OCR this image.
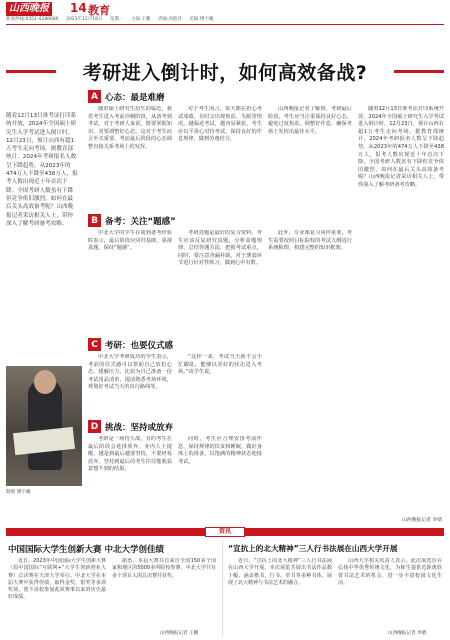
山西晚报 14 教育
新闻热线:0351-4286686 2023年12月18日 星期一 主编:王鹏 责编:高艳萍 美编:傅宇曦
考研进入倒计时，如何高效备战?
随着12月13日准考证打印系统开放，2024年全国硕士研究生入学考试进入倒计时，12月23日，预计山西有超1万考生走向考场。据教育部统计，2024年考研报名人数呈下降趋势，从2023年的474万人下降至438万人，报考人数出现近十年首次下降。全国考研人数虽有下降但竞争依旧激烈，如何在最后关头高效备考呢？山西晚报记者采访相关人士，带你深入了解考研备考攻略。
制图 傅宇曦
A 心态：最是难磨
随着硕士研究生招生的临近，我省考生进入考前冲刺阶段，从备考到考试，对于考研人来说，既要掌握知识，更要调整好心态，这对于考生而言至关重要。考前最后阶段的心态调整直接关系考场上的发挥。
对于考生而言，每天都在担心考试成绩，有时会出现焦虑、失眠等情况。越临近考试，越容易紧张，考生应以平常心对待考试，保持良好的作息规律，做到劳逸结合。
山西晚报记者了解到，考研最后阶段，考生应当注重保持良好心态，避免过度焦虑，调整好作息，确保考场上发挥出最佳水平。
B 备考：关注“题感”
中北大学的学生在谈到备考经验时表示，最后阶段应回归基础，重视真题，保持“题感”。
考研真题是最好的复习资料，考生应该反复研究真题，分析命题规律，总结答题方法，把握考试重点。同时，要注意查漏补缺，对于薄弱环节进行针对性练习，做到心中有数。
此外，专业课复习同样重要，考生需要按照目标院校的考试大纲进行系统梳理，构建完整的知识框架。
C 考研：也要仪式感
中北大学考研成功的学生表示，考前的仪式感可以帮助自己放松心态，缓解压力，比如为自己准备一份考试用品清单，提前熟悉考场环境，规划好考试当天的出行路线等。
“这样一来，考试当天就不会手忙脚乱，能够以更好的状态进入考场。”该学生说。
D 挑战：坚持或放弃
考研是一场持久战，有的考生在最后阶段会选择放弃。业内人士提醒，越是到最后越要坚持，不要轻易放弃，坚持到最后的考生往往能收获意想不到的结果。
同时，考生应合理安排考前作息，保持规律的饮食和睡眠，做好身体上的准备，以饱满的精神状态迎接考试。
随着12月13日准考证打印系统开放，2024年全国硕士研究生入学考试进入倒计时，12月23日，预计山西有超1万考生走向考场。据教育部统计，2024年考研报名人数呈下降趋势，从2023年的474万人下降至438万人，报考人数出现近十年首次下降。全国考研人数虽有下降但竞争依旧激烈，如何在最后关头高效备考呢？山西晚报记者采访相关人士，带你深入了解考研备考攻略。
山西晚报记者 李婧
资讯
中国国际大学生创新大赛 中北大学创佳绩
近日，2023年中国国际大学生创新大赛（原中国国际“互联网+”大学生创新创业大赛）总决赛在天津大学举行。中北大学在本届大赛中获得佳绩，取得金奖、银奖等多项奖项，创下该校参加此项赛事以来的历史最好成绩。
据悉，本届大赛共有来自全国150多个国家和地区的5000多所院校参赛，中北大学共有多个项目入围总决赛并获奖。
山西晚报记者 王鹏
“宣抗上的北大精神”三人行书法展在山西大学开展
近日，“宣抗上的北大精神”三人行书法展在山西大学开展。本次展览共展出书法作品数十幅，涵盖楷书、行书、草书等多种书体，展现了北大精神与书法艺术的融合。
山西大学相关负责人表示，此次展览旨在弘扬中华优秀传统文化，为师生提供近距离欣赏书法艺术的机会，进一步丰富校园文化生活。
山西晚报记者 李婧
